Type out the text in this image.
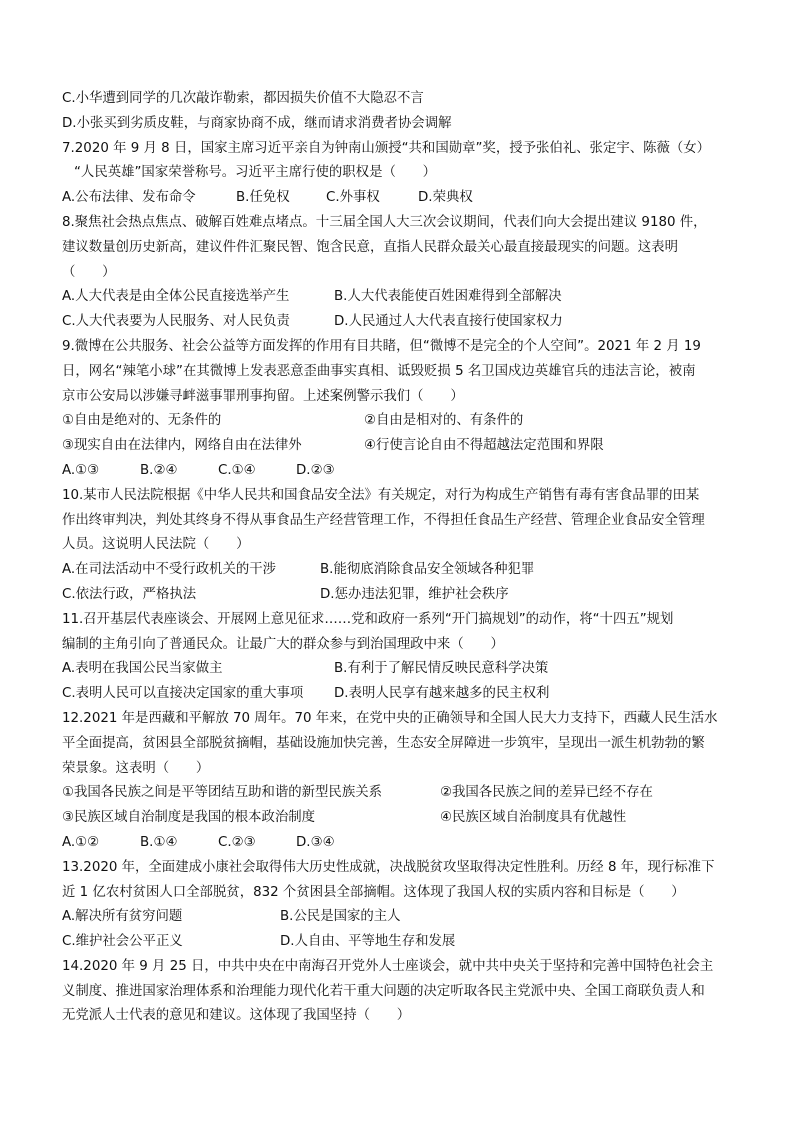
C.小华遭到同学的几次敲诈勒索，都因损失价值不大隐忍不言
D.小张买到劣质皮鞋，与商家协商不成，继而请求消费者协会调解
7.2020 年 9 月 8 日，国家主席习近平亲自为钟南山颁授“共和国勋章”奖，授予张伯礼、张定宇、陈薇（女）
“人民英雄”国家荣誉称号。习近平主席行使的职权是（　　）
A.公布法律、发布命令	B.任免权	C.外事权	D.荣典权
8.聚焦社会热点焦点、破解百姓难点堵点。十三届全国人大三次会议期间，代表们向大会提出建议 9180 件，
建议数量创历史新高，建议件件汇聚民智、饱含民意，直指人民群众最关心最直接最现实的问题。这表明
（　　）
A.人大代表是由全体公民直接选举产生	B.人大代表能使百姓困难得到全部解决
C.人大代表要为人民服务、对人民负责	D.人民通过人大代表直接行使国家权力
9.微博在公共服务、社会公益等方面发挥的作用有目共睹，但“微博不是完全的个人空间”。2021 年 2 月 19
日，网名“辣笔小球”在其微博上发表恶意歪曲事实真相、诋毁贬损 5 名卫国戍边英雄官兵的违法言论，被南
京市公安局以涉嫌寻衅滋事罪刑事拘留。上述案例警示我们（　　）
①自由是绝对的、无条件的	②自由是相对的、有条件的
③现实自由在法律内，网络自由在法律外	④行使言论自由不得超越法定范围和界限
A.①③	B.②④	C.①④	D.②③
10.某市人民法院根据《中华人民共和国食品安全法》有关规定，对行为构成生产销售有毒有害食品罪的田某
作出终审判决，判处其终身不得从事食品生产经营管理工作，不得担任食品生产经营、管理企业食品安全管理
人员。这说明人民法院（　　）
A.在司法活动中不受行政机关的干涉	B.能彻底消除食品安全领域各种犯罪
C.依法行政，严格执法	D.惩办违法犯罪，维护社会秩序
11.召开基层代表座谈会、开展网上意见征求……党和政府一系列“开门搞规划”的动作，将“十四五”规划
编制的主角引向了普通民众。让最广大的群众参与到治国理政中来（　　）
A.表明在我国公民当家做主	B.有利于了解民情反映民意科学决策
C.表明人民可以直接决定国家的重大事项	D.表明人民享有越来越多的民主权利
12.2021 年是西藏和平解放 70 周年。70 年来，在党中央的正确领导和全国人民大力支持下，西藏人民生活水
平全面提高，贫困县全部脱贫摘帽，基础设施加快完善，生态安全屏障进一步筑牢，呈现出一派生机勃勃的繁
荣景象。这表明（　　）
①我国各民族之间是平等团结互助和谐的新型民族关系	②我国各民族之间的差异已经不存在
③民族区域自治制度是我国的根本政治制度	④民族区域自治制度具有优越性
A.①②	B.①④	C.②③	D.③④
13.2020 年，全面建成小康社会取得伟大历史性成就，决战脱贫攻坚取得决定性胜利。历经 8 年，现行标准下
近 1 亿农村贫困人口全部脱贫，832 个贫困县全部摘帽。这体现了我国人权的实质内容和目标是（　　）
A.解决所有贫穷问题	B.公民是国家的主人
C.维护社会公平正义	D.人自由、平等地生存和发展
14.2020 年 9 月 25 日，中共中央在中南海召开党外人士座谈会，就中共中央关于坚持和完善中国特色社会主
义制度、推进国家治理体系和治理能力现代化若干重大问题的决定听取各民主党派中央、全国工商联负责人和
无党派人士代表的意见和建议。这体现了我国坚持（　　）
